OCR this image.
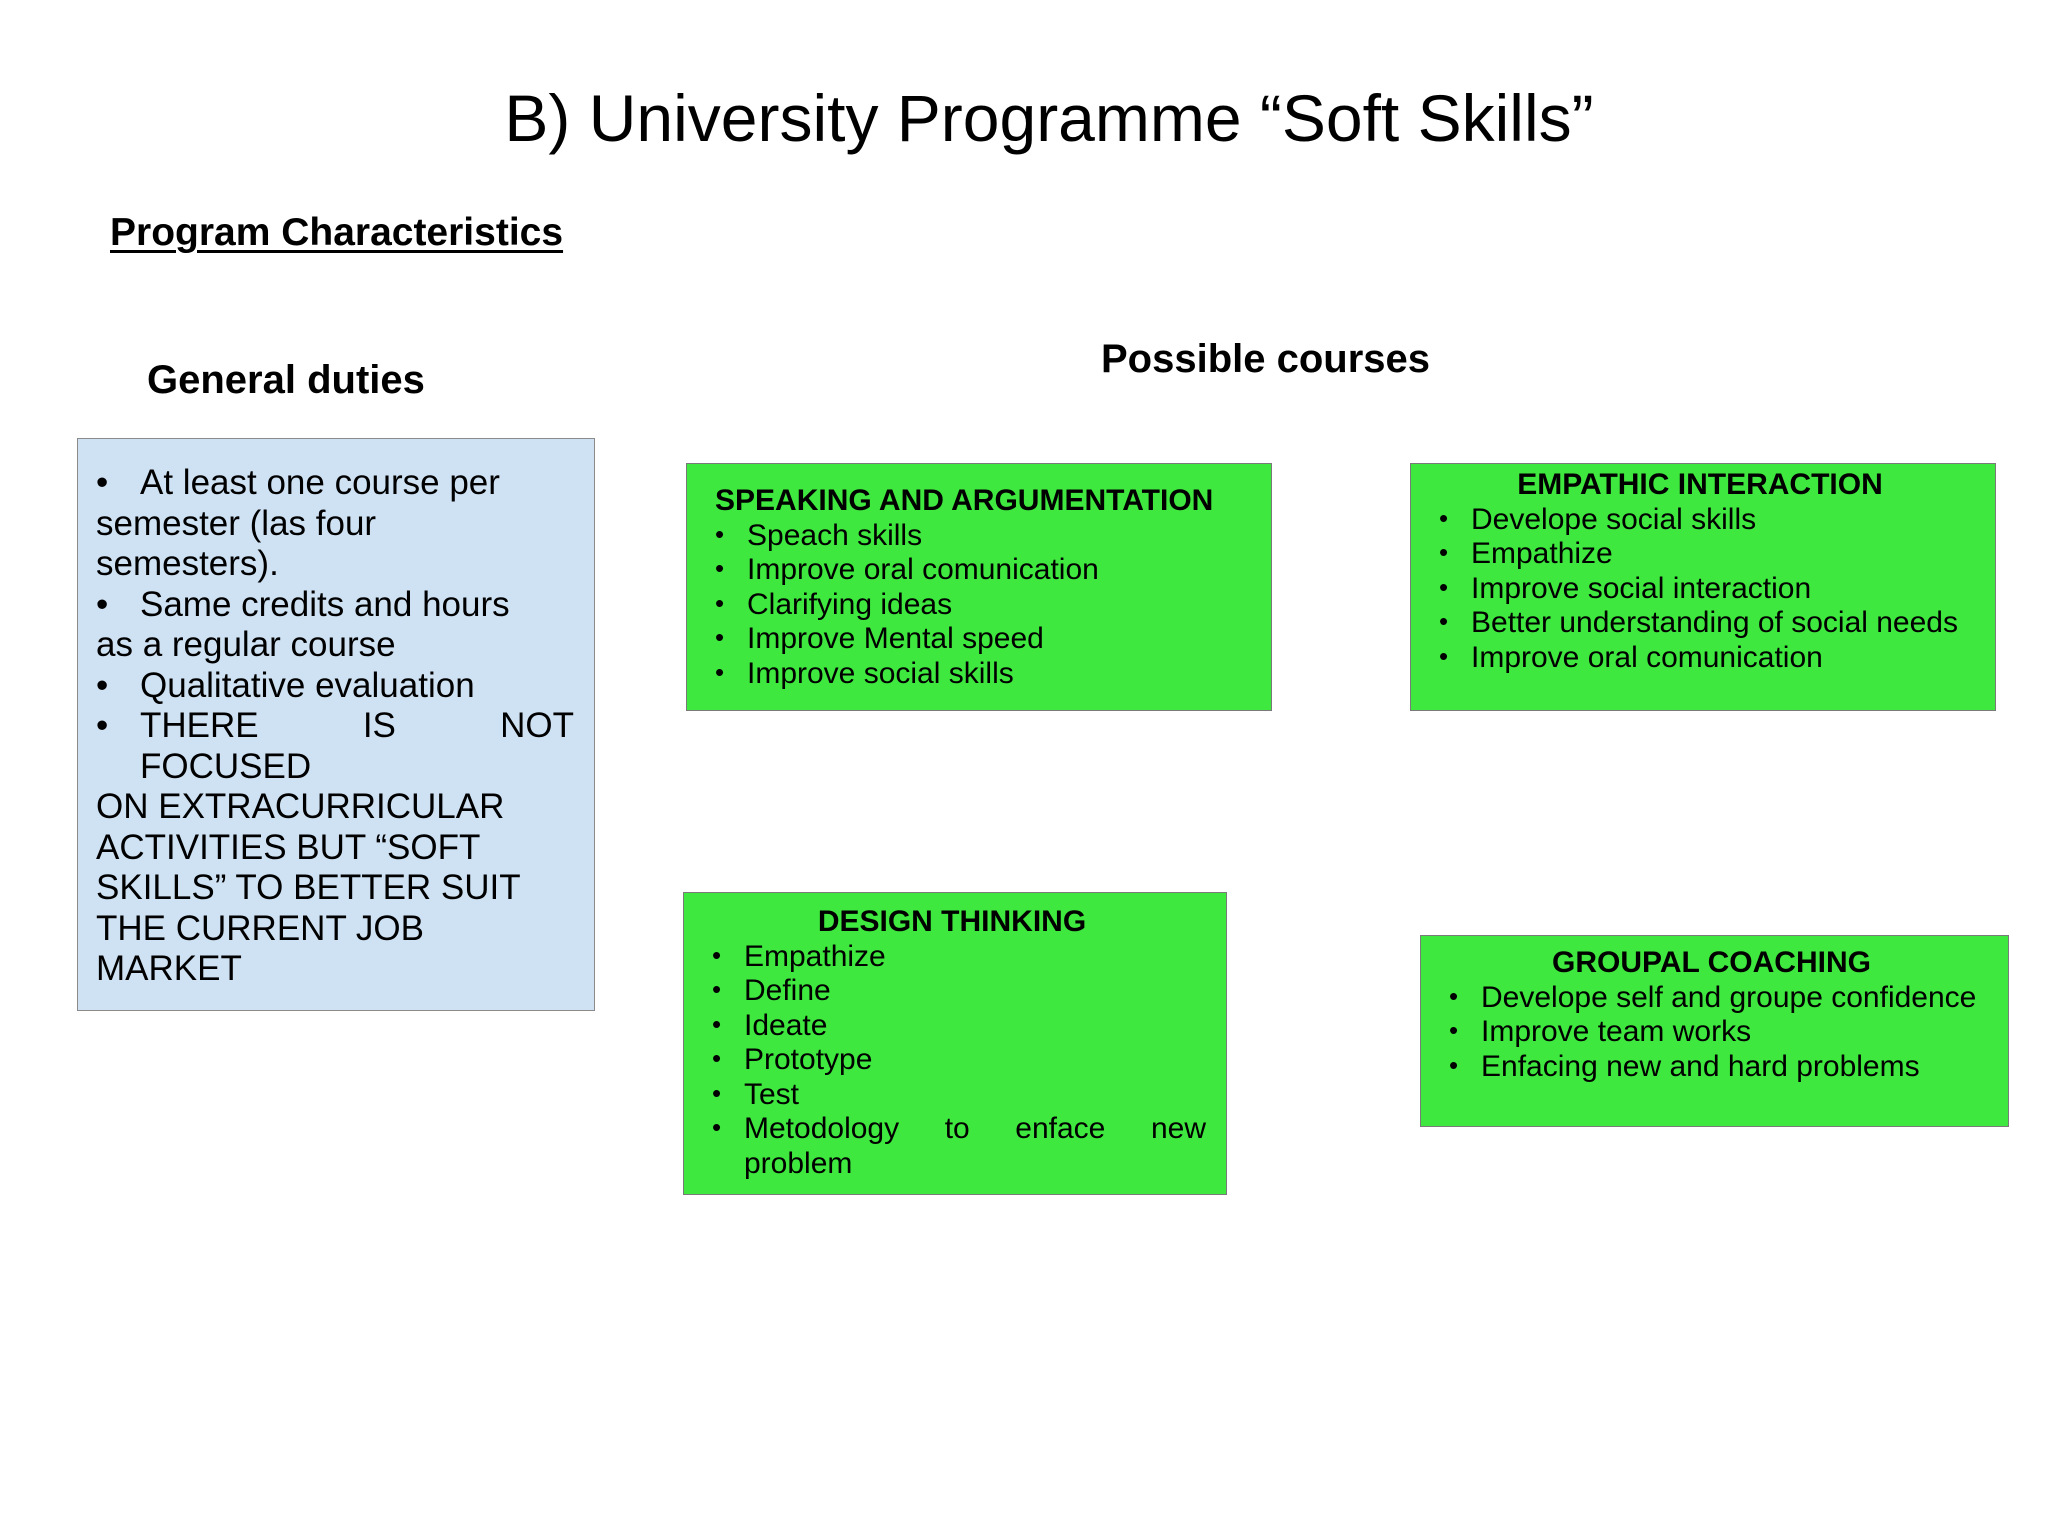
B) University Programme “Soft Skills”
Program Characteristics
General duties	Possible courses

• At least one course per

semester (las four

semesters).

• Same credits and hours

as a regular course

• Qualitative evaluation

• THERE	IS	NOT

FOCUSED

ON EXTRACURRICULAR

ACTIVITIES BUT “SOFT

SKILLS” TO BETTER SUIT

THE CURRENT JOB

MARKET

SPEAKING AND ARGUMENTATION
• Speach skills
• Improve oral comunication
• Clarifying ideas
• Improve Mental speed
• Improve social skills
EMPATHIC INTERACTION
• Develope social skills
• Empathize
• Improve social interaction
• Better understanding of social needs
• Improve oral comunication
DESIGN THINKING
• Empathize
• Define
• Ideate
• Prototype
• Test
• Metodology to enface new problem
GROUPAL COACHING
• Develope self and groupe confidence
• Improve team works
• Enfacing new and hard problems
